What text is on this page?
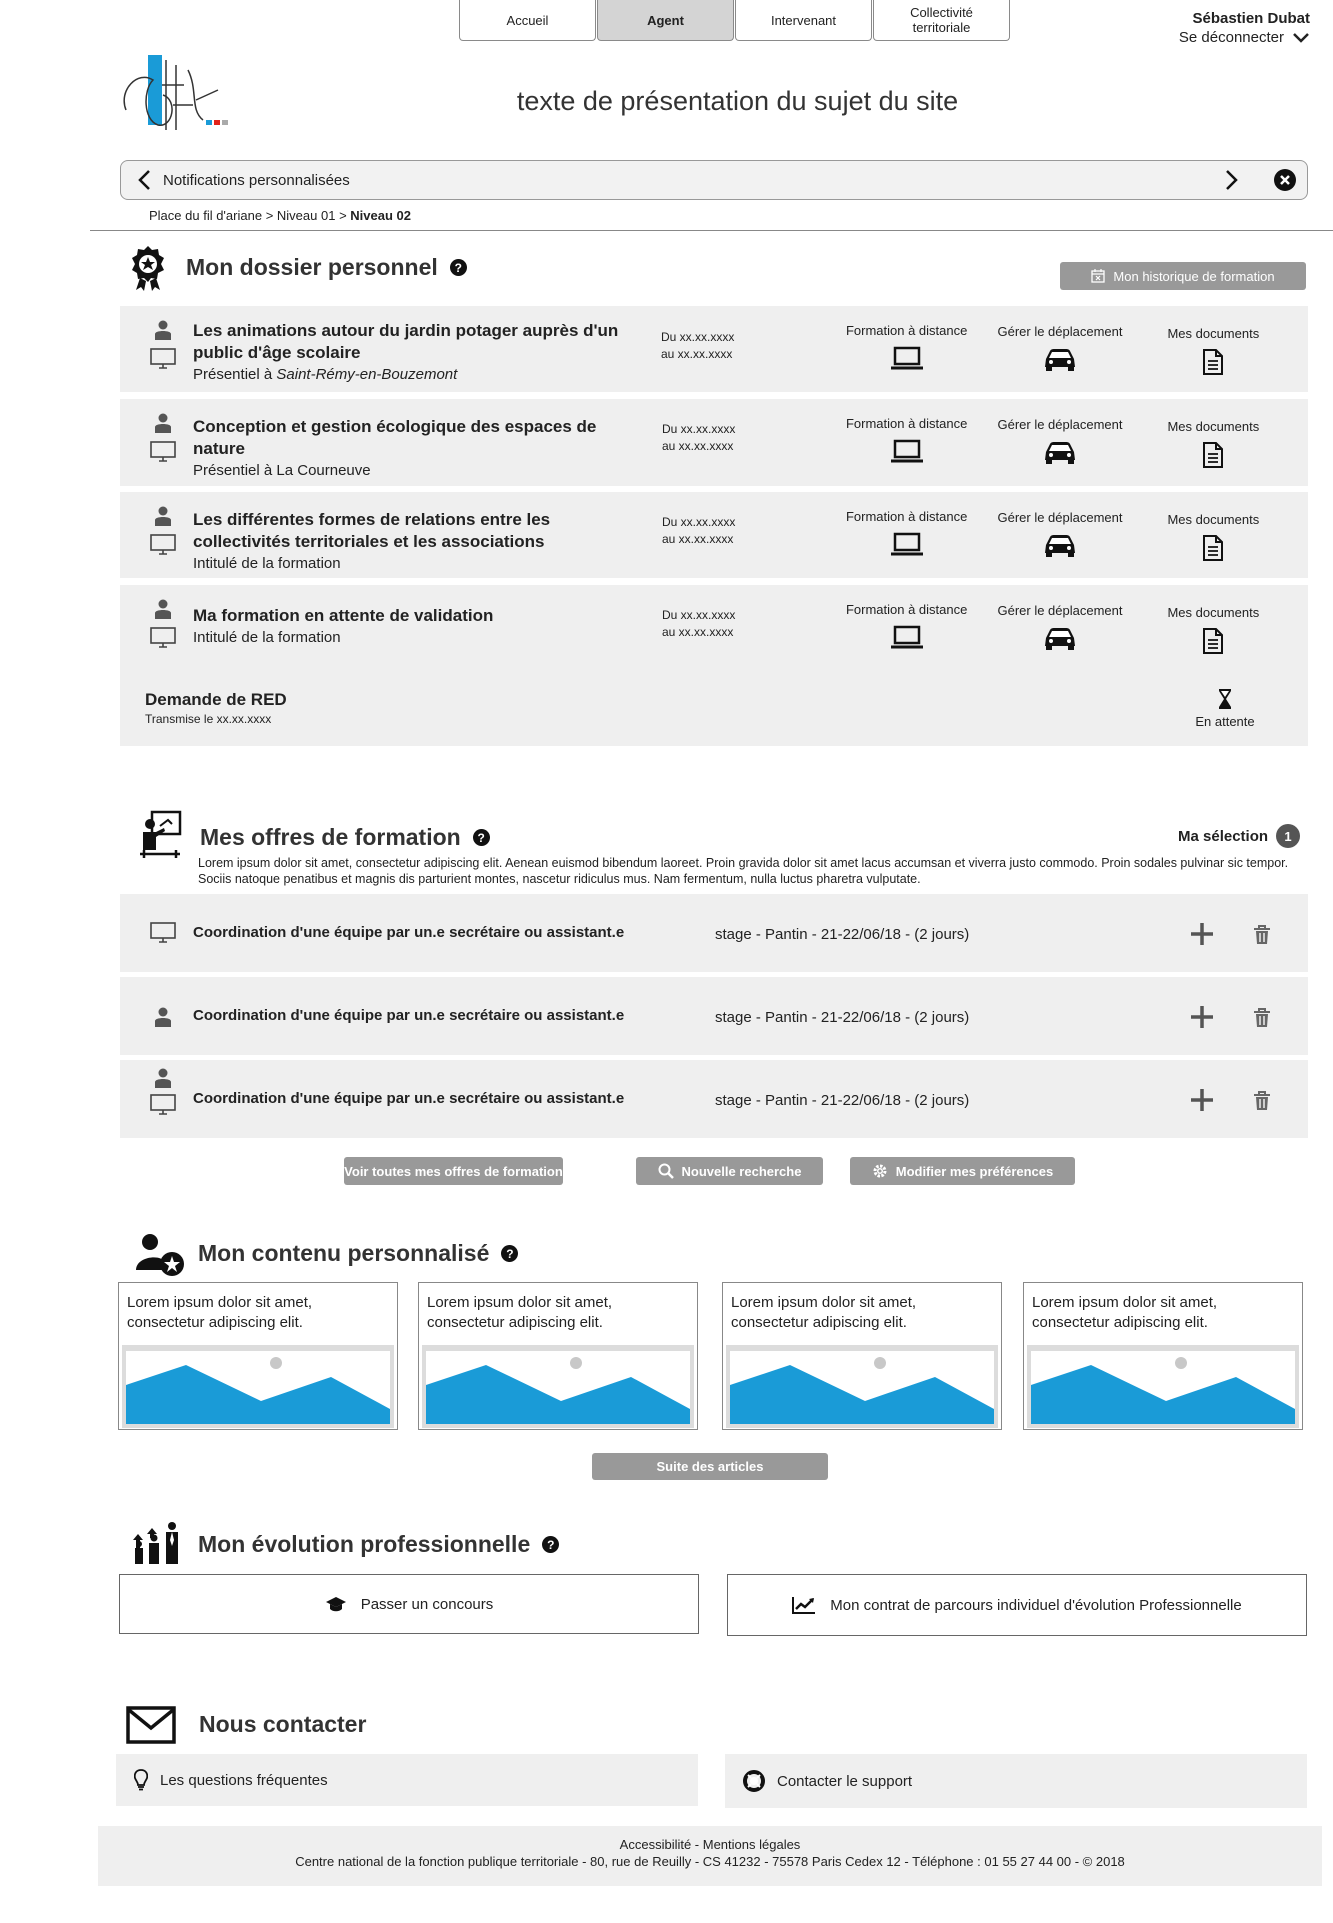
Accueil	Agent	Intervenant	Collectivité territoriale
Sébastien Dubat
Se déconnecter
texte de présentation du sujet du site
Notifications personnalisées
Place du fil d'ariane > Niveau 01 > Niveau 02
Mon dossier personnel	?
Mon historique de formation
Les animations autour du jardin potager auprès d'un public d'âge scolaire
Présentiel à Saint-Rémy-en-Bouzemont
Du xx.xx.xxxx
au xx.xx.xxxx
Formation à distance	Gérer le déplacement	Mes documents
Conception et gestion écologique des espaces de nature
Présentiel à La Courneuve
Du xx.xx.xxxx
au xx.xx.xxxx
Formation à distance	Gérer le déplacement	Mes documents
Les différentes formes de relations entre les collectivités territoriales et les associations
Intitulé de la formation
Du xx.xx.xxxx
au xx.xx.xxxx
Formation à distance	Gérer le déplacement	Mes documents
Ma formation en attente de validation
Intitulé de la formation
Du xx.xx.xxxx
au xx.xx.xxxx
Formation à distance	Gérer le déplacement	Mes documents
Demande de RED
Transmise le xx.xx.xxxx	En attente
Mes offres de formation	?	Ma sélection	1
Lorem ipsum dolor sit amet, consectetur adipiscing elit. Aenean euismod bibendum laoreet. Proin gravida dolor sit amet lacus accumsan et viverra justo commodo. Proin sodales pulvinar sic tempor. Sociis natoque penatibus et magnis dis parturient montes, nascetur ridiculus mus. Nam fermentum, nulla luctus pharetra vulputate.
Coordination d'une équipe par un.e secrétaire ou assistant.e	stage - Pantin - 21-22/06/18 - (2 jours)
Coordination d'une équipe par un.e secrétaire ou assistant.e	stage - Pantin - 21-22/06/18 - (2 jours)
Coordination d'une équipe par un.e secrétaire ou assistant.e	stage - Pantin - 21-22/06/18 - (2 jours)
Voir toutes mes offres de formation	Nouvelle recherche	Modifier mes préférences
Mon contenu personnalisé	?
Lorem ipsum dolor sit amet, consectetur adipiscing elit.
Lorem ipsum dolor sit amet, consectetur adipiscing elit.
Lorem ipsum dolor sit amet, consectetur adipiscing elit.
Lorem ipsum dolor sit amet, consectetur adipiscing elit.
Suite des articles
Mon évolution professionnelle	?
Passer un concours	Mon contrat de parcours individuel d'évolution Professionnelle
Nous contacter
Les questions fréquentes	Contacter le support
Accessibilité - Mentions légales
Centre national de la fonction publique territoriale - 80, rue de Reuilly - CS 41232 - 75578 Paris Cedex 12 - Téléphone : 01 55 27 44 00 - © 2018
